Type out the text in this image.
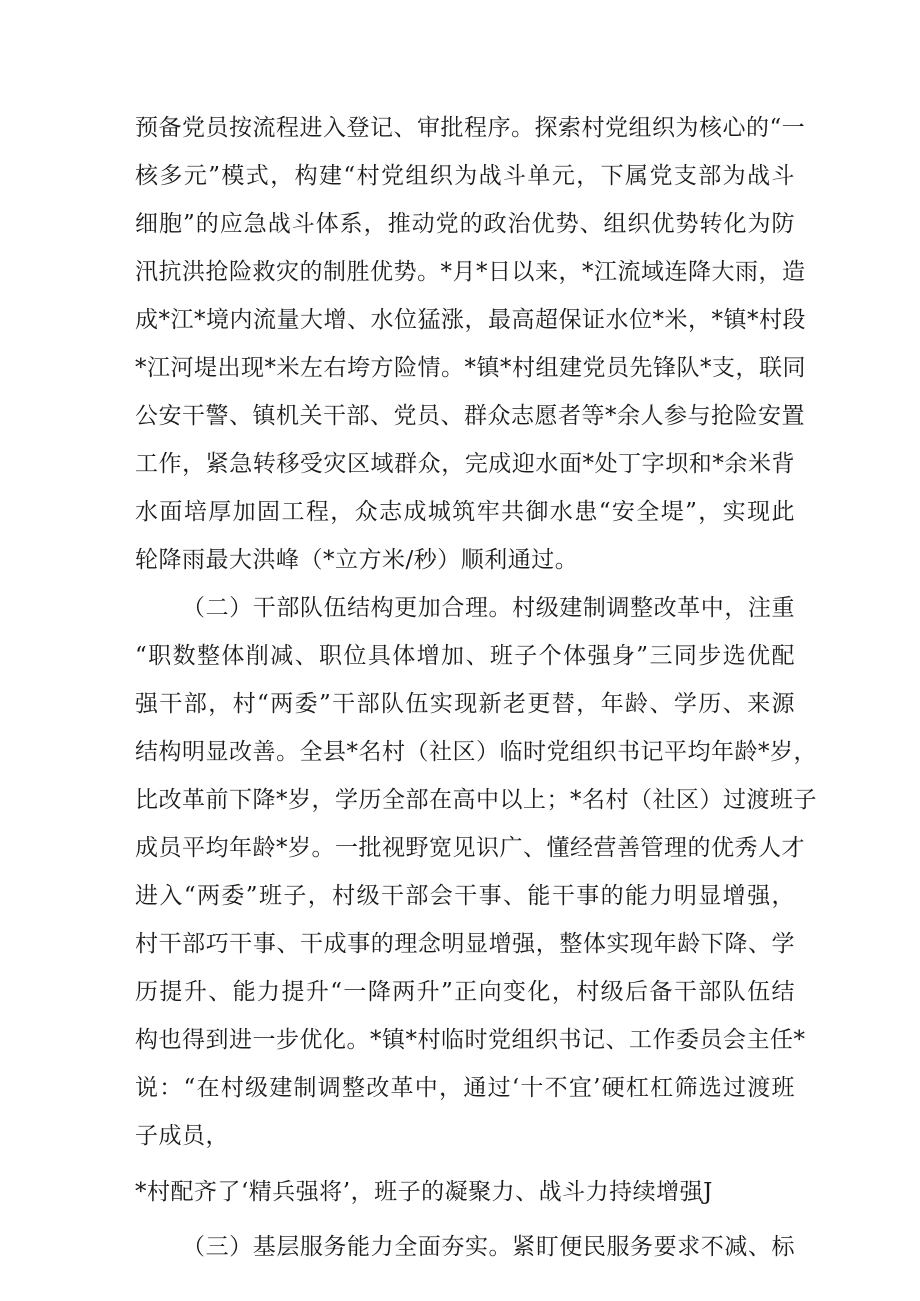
预备党员按流程进入登记、审批程序。探索村党组织为核心的“一
核多元”模式，构建“村党组织为战斗单元，下属党支部为战斗
细胞”的应急战斗体系，推动党的政治优势、组织优势转化为防
汛抗洪抢险救灾的制胜优势。*月*日以来，*江流域连降大雨，造
成*江*境内流量大增、水位猛涨，最高超保证水位*米，*镇*村段
*江河堤出现*米左右垮方险情。*镇*村组建党员先锋队*支，联同
公安干警、镇机关干部、党员、群众志愿者等*余人参与抢险安置
工作，紧急转移受灾区域群众，完成迎水面*处丁字坝和*余米背
水面培厚加固工程，众志成城筑牢共御水患“安全堤”，实现此
轮降雨最大洪峰（*立方米/秒）顺利通过。
（二）干部队伍结构更加合理。村级建制调整改革中，注重
“职数整体削减、职位具体增加、班子个体强身”三同步选优配
强干部，村“两委”干部队伍实现新老更替，年龄、学历、来源
结构明显改善。全县*名村（社区）临时党组织书记平均年龄*岁，
比改革前下降*岁，学历全部在高中以上；*名村（社区）过渡班子
成员平均年龄*岁。一批视野宽见识广、懂经营善管理的优秀人才
进入“两委”班子，村级干部会干事、能干事的能力明显增强，
村干部巧干事、干成事的理念明显增强，整体实现年龄下降、学
历提升、能力提升“一降两升”正向变化，村级后备干部队伍结
构也得到进一步优化。*镇*村临时党组织书记、工作委员会主任*
说：“在村级建制调整改革中，通过‘十不宜’硬杠杠筛选过渡班
子成员，
*村配齐了‘精兵强将’，班子的凝聚力、战斗力持续增强J
（三）基层服务能力全面夯实。紧盯便民服务要求不减、标
